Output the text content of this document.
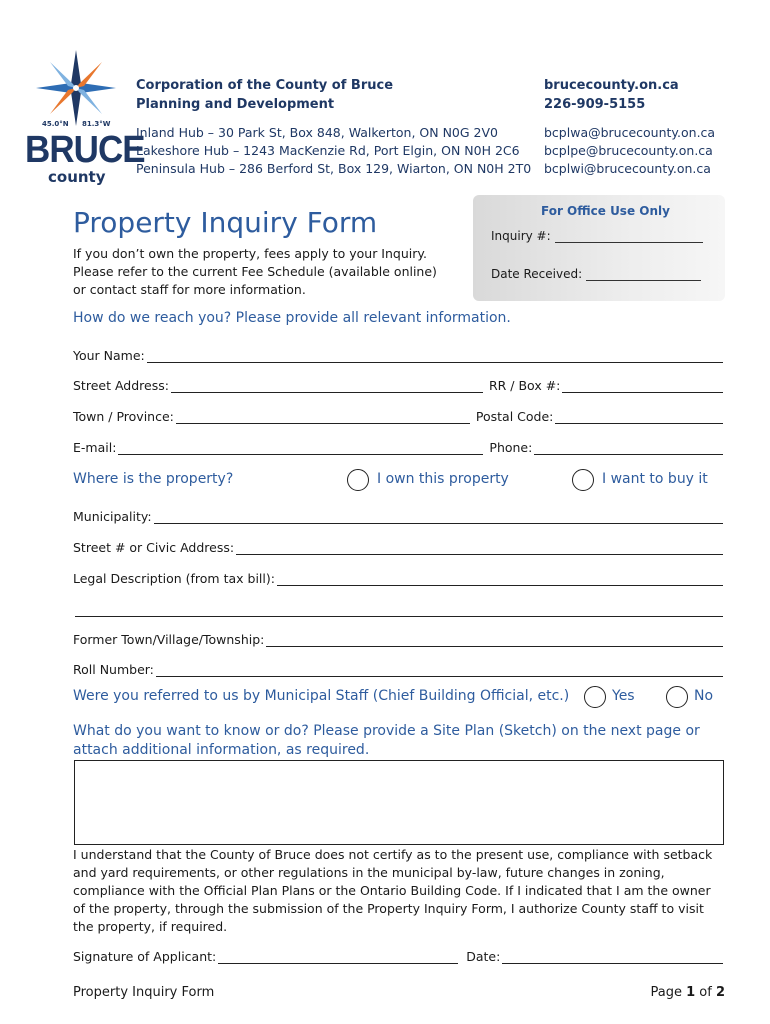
45.0°N 81.3°W
BRUCE
county
Corporation of the County of Bruce
Planning and Development
brucecounty.on.ca
226-909-5155
Inland Hub – 30 Park St, Box 848, Walkerton, ON N0G 2V0
Lakeshore Hub – 1243 MacKenzie Rd, Port Elgin, ON N0H 2C6
Peninsula Hub – 286 Berford St, Box 129, Wiarton, ON N0H 2T0
bcplwa@brucecounty.on.ca
bcplpe@brucecounty.on.ca
bcplwi@brucecounty.on.ca
Property Inquiry Form
If you don’t own the property, fees apply to your Inquiry.
Please refer to the current Fee Schedule (available online)
or contact staff for more information.
For Office Use Only
Inquiry #:
Date Received:
How do we reach you? Please provide all relevant information.
Your Name:
Street Address:	RR / Box #:
Town / Province:	Postal Code:
E-mail:	Phone:
Where is the property?	I own this property	I want to buy it
Municipality:
Street # or Civic Address:
Legal Description (from tax bill):
Former Town/Village/Township:
Roll Number:
Were you referred to us by Municipal Staff (Chief Building Official, etc.)	Yes	No
What do you want to know or do? Please provide a Site Plan (Sketch) on the next page or
attach additional information, as required.
I understand that the County of Bruce does not certify as to the present use, compliance with setback
and yard requirements, or other regulations in the municipal by-law, future changes in zoning,
compliance with the Official Plan Plans or the Ontario Building Code. If I indicated that I am the owner
of the property, through the submission of the Property Inquiry Form, I authorize County staff to visit
the property, if required.
Signature of Applicant:	Date:
Property Inquiry Form	Page 1 of 2
